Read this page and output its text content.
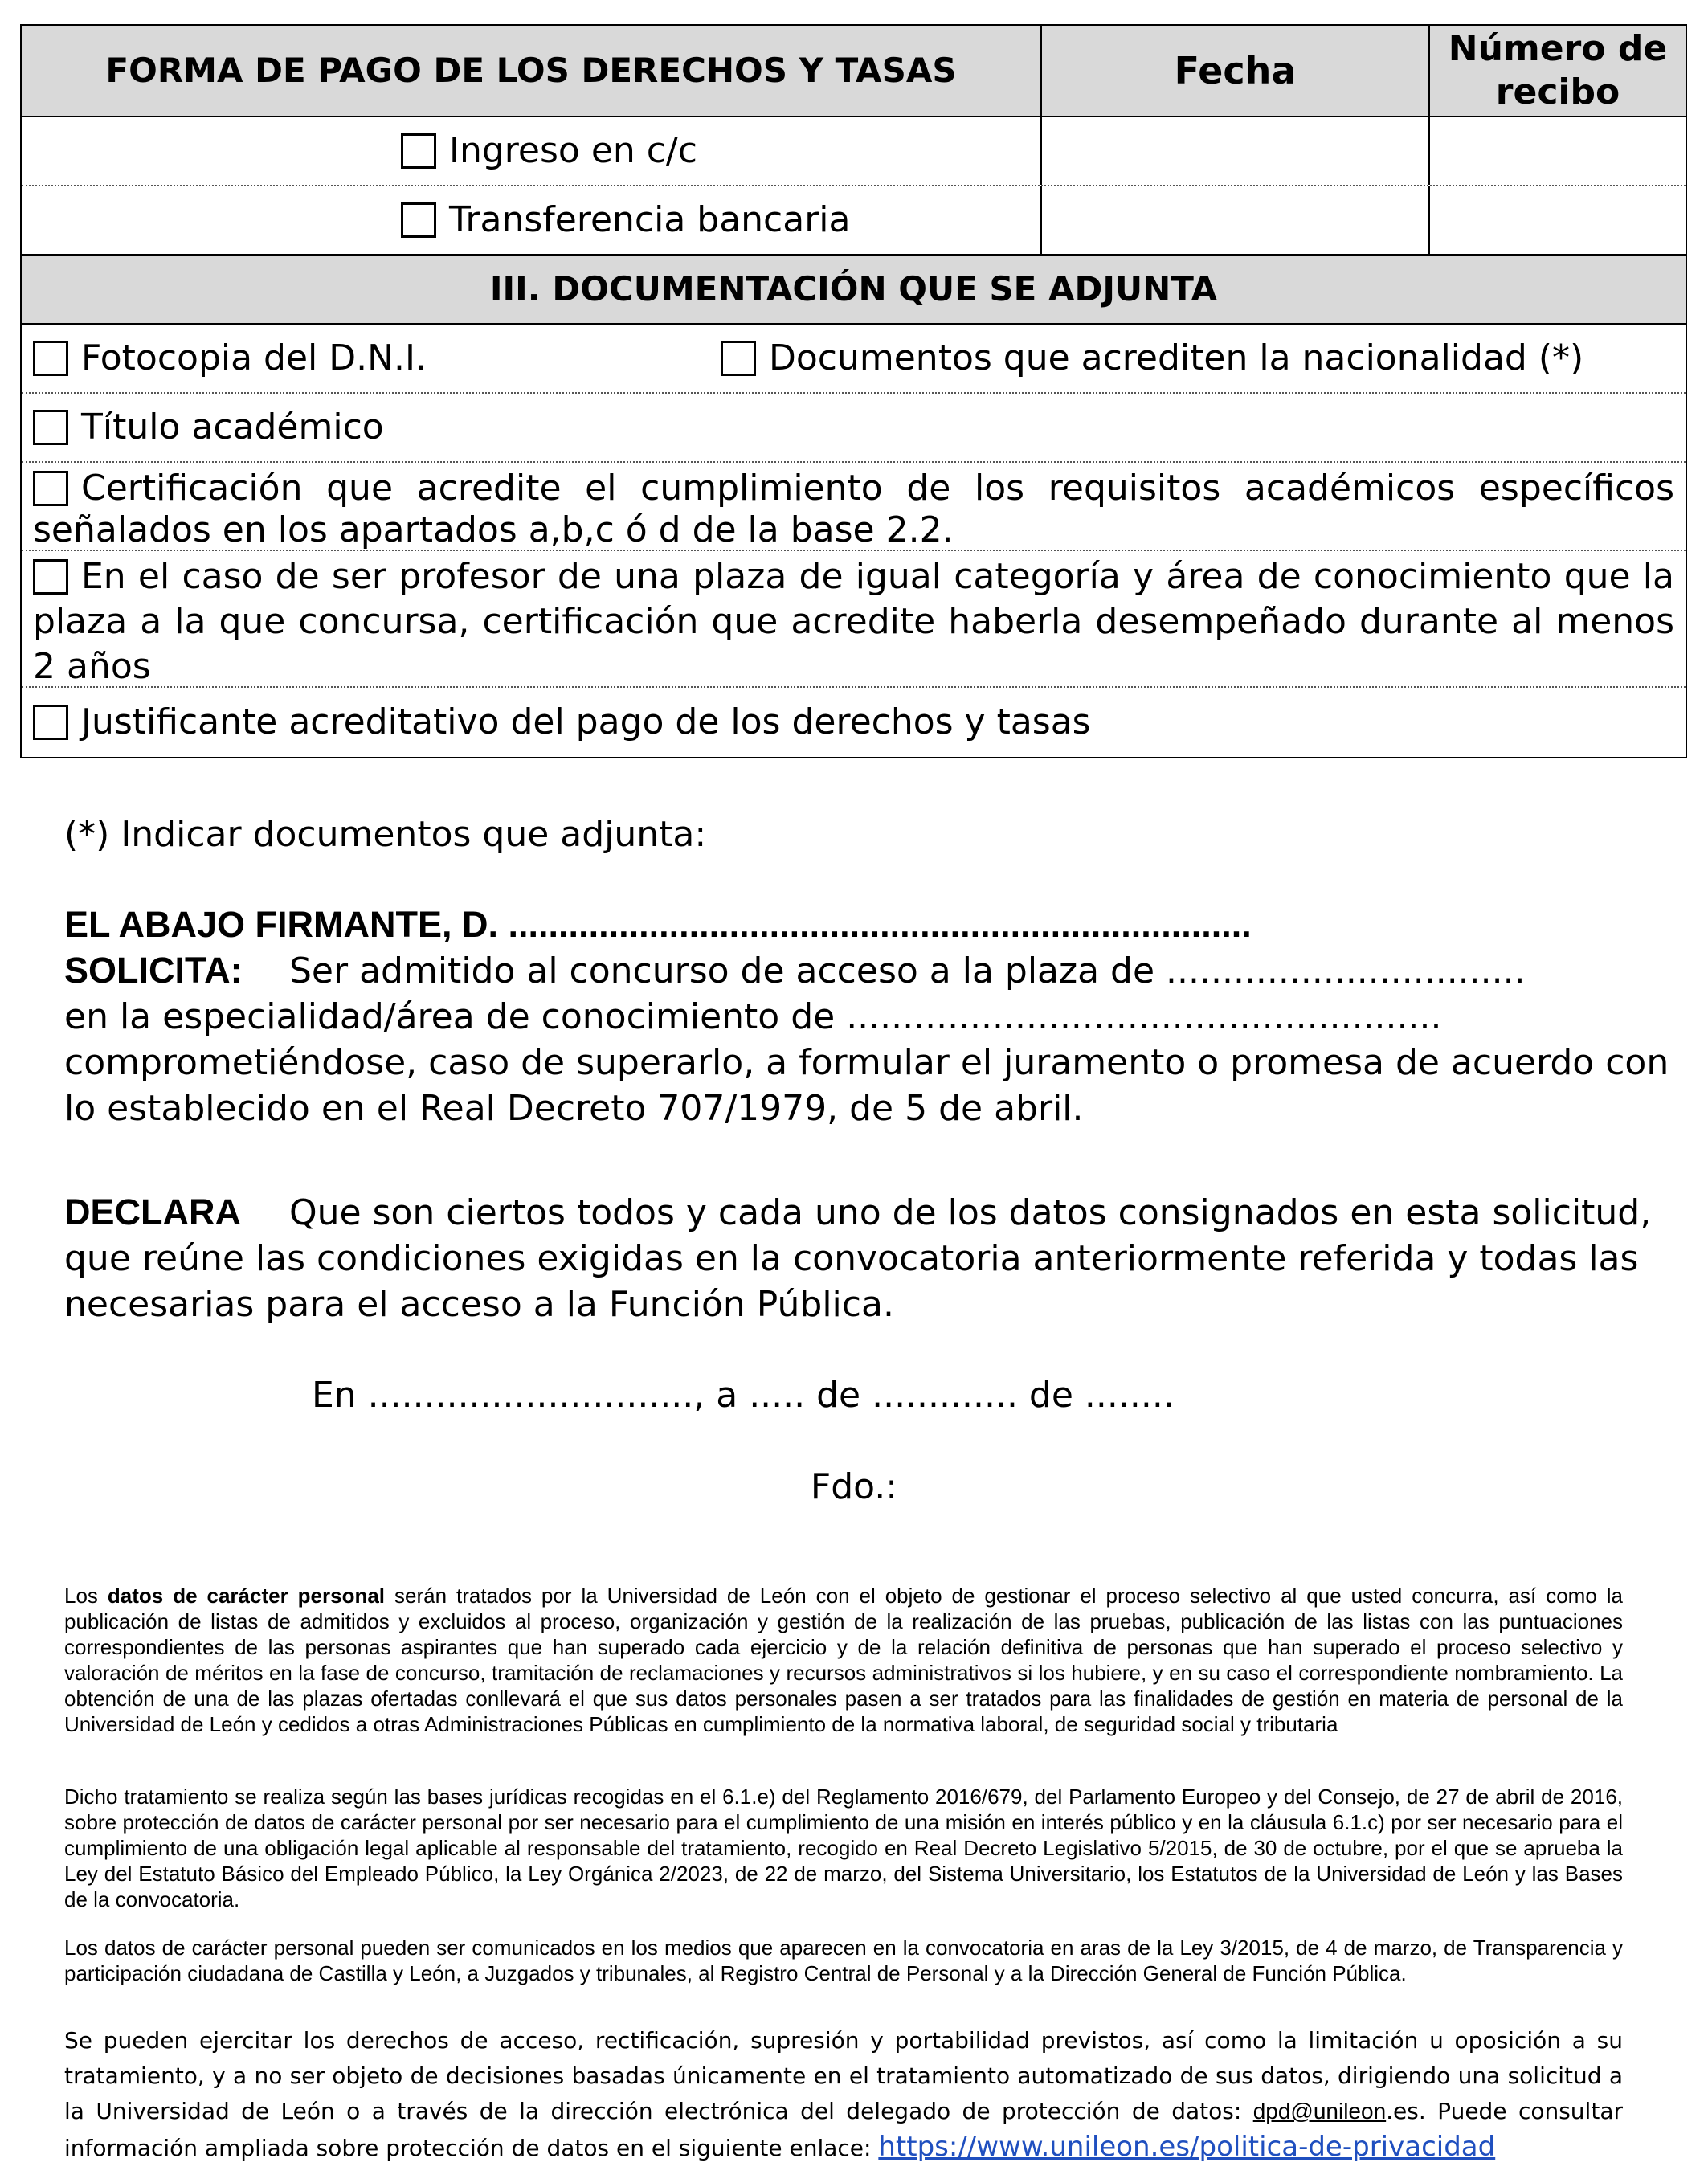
FORMA DE PAGO DE LOS DERECHOS Y TASAS	Fecha
Número de recibo
Ingreso en c/c
Transferencia bancaria
III. DOCUMENTACIÓN QUE SE ADJUNTA
Fotocopia del D.N.I.	Documentos que acrediten la nacionalidad (*)
Título académico
Certificación que acredite el cumplimiento de los requisitos académicos específicos señalados en los apartados a,b,c ó d de la base 2.2.
En el caso de ser profesor de una plaza de igual categoría y área de conocimiento que la plaza a la que concursa, certificación que acredite haberla desempeñado durante al menos 2 años
Justificante acreditativo del pago de los derechos y tasas
(*) Indicar documentos que adjunta:
EL ABAJO FIRMANTE, D. ..........................................................................
SOLICITA: Ser admitido al concurso de acceso a la plaza de ................................
en la especialidad/área de conocimiento de .....................................................
comprometiéndose, caso de superarlo, a formular el juramento o promesa de acuerdo con
lo establecido en el Real Decreto 707/1979, de 5 de abril.
DECLARA Que son ciertos todos y cada uno de los datos consignados en esta solicitud,
que reúne las condiciones exigidas en la convocatoria anteriormente referida y todas las
necesarias para el acceso a la Función Pública.
En ............................., a ..... de ............. de ........
Fdo.:
Los datos de carácter personal serán tratados por la Universidad de León con el objeto de gestionar el proceso selectivo al que usted concurra, así como la publicación de listas de admitidos y excluidos al proceso, organización y gestión de la realización de las pruebas, publicación de las listas con las puntuaciones correspondientes de las personas aspirantes que han superado cada ejercicio y de la relación definitiva de personas que han superado el proceso selectivo y valoración de méritos en la fase de concurso, tramitación de reclamaciones y recursos administrativos si los hubiere, y en su caso el correspondiente nombramiento. La obtención de una de las plazas ofertadas conllevará el que sus datos personales pasen a ser tratados para las finalidades de gestión en materia de personal de la Universidad de León y cedidos a otras Administraciones Públicas en cumplimiento de la normativa laboral, de seguridad social y tributaria
Dicho tratamiento se realiza según las bases jurídicas recogidas en el 6.1.e) del Reglamento 2016/679, del Parlamento Europeo y del Consejo, de 27 de abril de 2016, sobre protección de datos de carácter personal por ser necesario para el cumplimiento de una misión en interés público y en la cláusula 6.1.c) por ser necesario para el cumplimiento de una obligación legal aplicable al responsable del tratamiento, recogido en Real Decreto Legislativo 5/2015, de 30 de octubre, por el que se aprueba la Ley del Estatuto Básico del Empleado Público, la Ley Orgánica 2/2023, de 22 de marzo, del Sistema Universitario, los Estatutos de la Universidad de León y las Bases de la convocatoria.
Los datos de carácter personal pueden ser comunicados en los medios que aparecen en la convocatoria en aras de la Ley 3/2015, de 4 de marzo, de Transparencia y participación ciudadana de Castilla y León, a Juzgados y tribunales, al Registro Central de Personal y a la Dirección General de Función Pública.
Se pueden ejercitar los derechos de acceso, rectificación, supresión y portabilidad previstos, así como la limitación u oposición a su tratamiento, y a no ser objeto de decisiones basadas únicamente en el tratamiento automatizado de sus datos, dirigiendo una solicitud a la Universidad de León o a través de la dirección electrónica del delegado de protección de datos: dpd@unileon.es. Puede consultar información ampliada sobre protección de datos en el siguiente enlace: https://www.unileon.es/politica-de-privacidad
